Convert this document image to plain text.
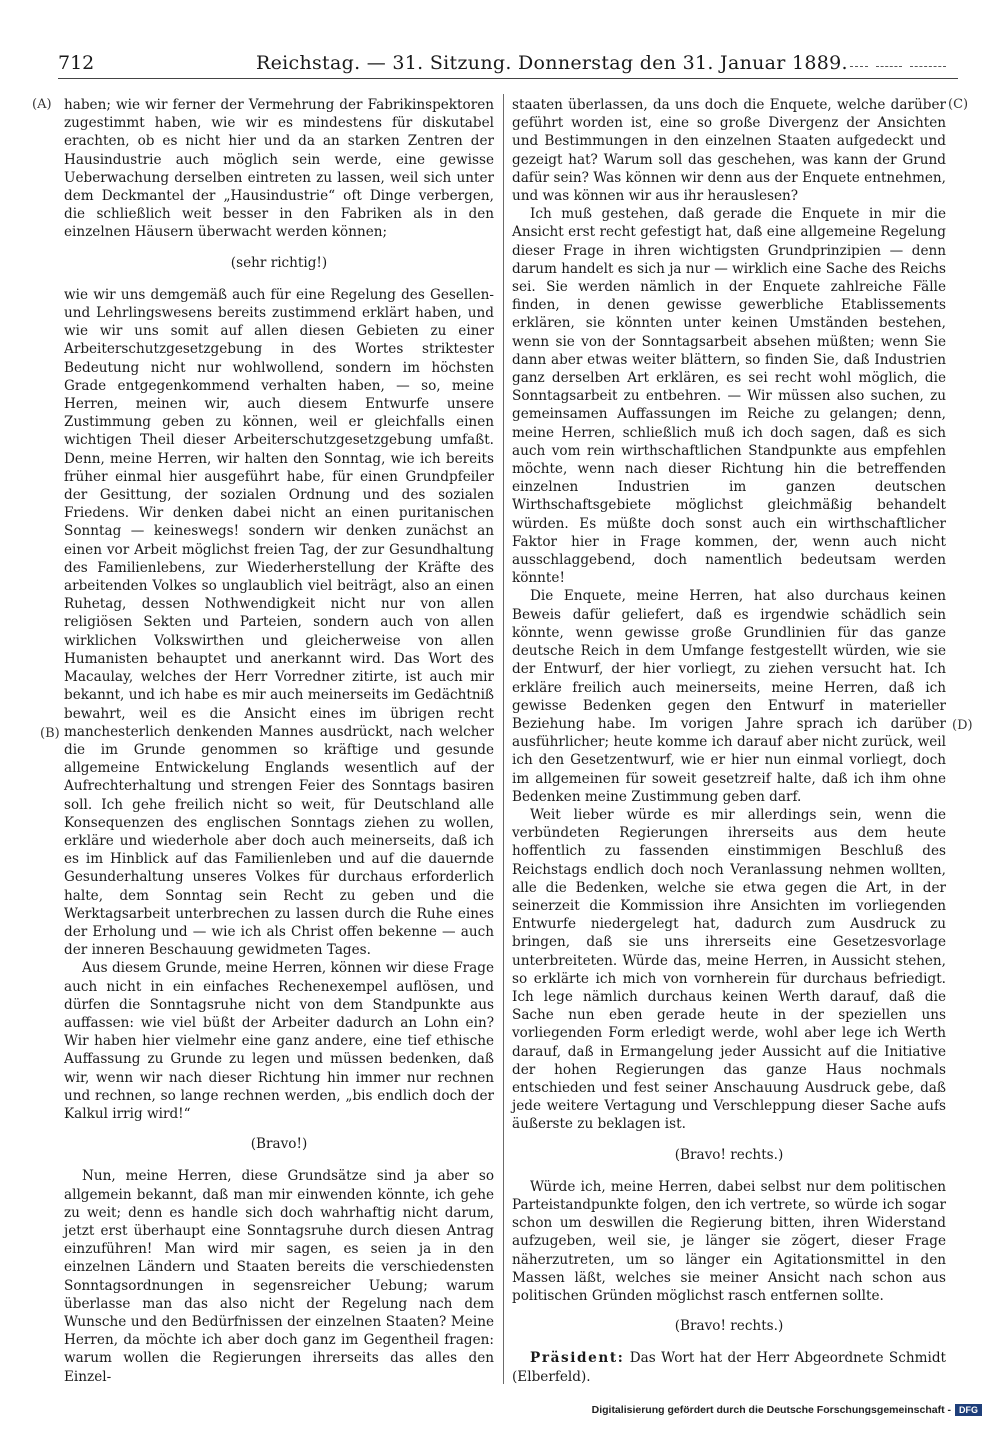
712	Reichstag. — 31. Sitzung. Donnerstag den 31. Januar 1889.
(A)
(B)
(C)
(D)

haben; wie wir ferner der Vermehrung der Fabrikinspektoren zugestimmt haben, wie wir es mindestens für diskutabel erachten, ob es nicht hier und da an starken Zentren der Hausindustrie auch möglich sein werde, eine gewisse Ueberwachung derselben eintreten zu lassen, weil sich unter dem Deckmantel der „Hausindustrie“ oft Dinge verbergen, die schließlich weit besser in den Fabriken als in den einzelnen Häusern überwacht werden können;

(sehr richtig!)

wie wir uns demgemäß auch für eine Regelung des Gesellen- und Lehrlingswesens bereits zustimmend erklärt haben, und wie wir uns somit auf allen diesen Gebieten zu einer Arbeiterschutzgesetzgebung in des Wortes striktester Bedeutung nicht nur wohlwollend, sondern im höchsten Grade entgegenkommend verhalten haben, — so, meine Herren, meinen wir, auch diesem Entwurfe unsere Zustimmung geben zu können, weil er gleichfalls einen wichtigen Theil dieser Arbeiterschutzgesetzgebung umfaßt. Denn, meine Herren, wir halten den Sonntag, wie ich bereits früher einmal hier ausgeführt habe, für einen Grundpfeiler der Gesittung, der sozialen Ordnung und des sozialen Friedens. Wir denken dabei nicht an einen puritanischen Sonntag — keineswegs! sondern wir denken zunächst an einen vor Arbeit möglichst freien Tag, der zur Gesundhaltung des Familienlebens, zur Wiederherstellung der Kräfte des arbeitenden Volkes so unglaublich viel beiträgt, also an einen Ruhetag, dessen Nothwendigkeit nicht nur von allen religiösen Sekten und Parteien, sondern auch von allen wirklichen Volkswirthen und gleicherweise von allen Humanisten behauptet und anerkannt wird. Das Wort des Macaulay, welches der Herr Vorredner zitirte, ist auch mir bekannt, und ich habe es mir auch meinerseits im Gedächtniß bewahrt, weil es die Ansicht eines im übrigen recht manchesterlich denkenden Mannes ausdrückt, nach welcher die im Grunde genommen so kräftige und gesunde allgemeine Entwickelung Englands wesentlich auf der Aufrechterhaltung und strengen Feier des Sonntags basiren soll. Ich gehe freilich nicht so weit, für Deutschland alle Konsequenzen des englischen Sonntags ziehen zu wollen, erkläre und wiederhole aber doch auch meinerseits, daß ich es im Hinblick auf das Familienleben und auf die dauernde Gesunderhaltung unseres Volkes für durchaus erforderlich halte, dem Sonntag sein Recht zu geben und die Werktagsarbeit unterbrechen zu lassen durch die Ruhe eines der Erholung und — wie ich als Christ offen bekenne — auch der inneren Beschauung gewidmeten Tages.

Aus diesem Grunde, meine Herren, können wir diese Frage auch nicht in ein einfaches Rechenexempel auflösen, und dürfen die Sonntagsruhe nicht von dem Standpunkte aus auffassen: wie viel büßt der Arbeiter dadurch an Lohn ein? Wir haben hier vielmehr eine ganz andere, eine tief ethische Auffassung zu Grunde zu legen und müssen bedenken, daß wir, wenn wir nach dieser Richtung hin immer nur rechnen und rechnen, so lange rechnen werden, „bis endlich doch der Kalkul irrig wird!“

(Bravo!)

Nun, meine Herren, diese Grundsätze sind ja aber so allgemein bekannt, daß man mir einwenden könnte, ich gehe zu weit; denn es handle sich doch wahrhaftig nicht darum, jetzt erst überhaupt eine Sonntagsruhe durch diesen Antrag einzuführen! Man wird mir sagen, es seien ja in den einzelnen Ländern und Staaten bereits die verschiedensten Sonntagsordnungen in segensreicher Uebung; warum überlasse man das also nicht der Regelung nach dem Wunsche und den Bedürfnissen der einzelnen Staaten? Meine Herren, da möchte ich aber doch ganz im Gegentheil fragen: warum wollen die Regierungen ihrerseits das alles den Einzel-

staaten überlassen, da uns doch die Enquete, welche darüber geführt worden ist, eine so große Divergenz der Ansichten und Bestimmungen in den einzelnen Staaten aufgedeckt und gezeigt hat? Warum soll das geschehen, was kann der Grund dafür sein? Was können wir denn aus der Enquete entnehmen, und was können wir aus ihr herauslesen?

Ich muß gestehen, daß gerade die Enquete in mir die Ansicht erst recht gefestigt hat, daß eine allgemeine Regelung dieser Frage in ihren wichtigsten Grundprinzipien — denn darum handelt es sich ja nur — wirklich eine Sache des Reichs sei. Sie werden nämlich in der Enquete zahlreiche Fälle finden, in denen gewisse gewerbliche Etablissements erklären, sie könnten unter keinen Umständen bestehen, wenn sie von der Sonntagsarbeit absehen müßten; wenn Sie dann aber etwas weiter blättern, so finden Sie, daß Industrien ganz derselben Art erklären, es sei recht wohl möglich, die Sonntagsarbeit zu entbehren. — Wir müssen also suchen, zu gemeinsamen Auffassungen im Reiche zu gelangen; denn, meine Herren, schließlich muß ich doch sagen, daß es sich auch vom rein wirthschaftlichen Standpunkte aus empfehlen möchte, wenn nach dieser Richtung hin die betreffenden einzelnen Industrien im ganzen deutschen Wirthschaftsgebiete möglichst gleichmäßig behandelt würden. Es müßte doch sonst auch ein wirthschaftlicher Faktor hier in Frage kommen, der, wenn auch nicht ausschlaggebend, doch namentlich bedeutsam werden könnte!

Die Enquete, meine Herren, hat also durchaus keinen Beweis dafür geliefert, daß es irgendwie schädlich sein könnte, wenn gewisse große Grundlinien für das ganze deutsche Reich in dem Umfange festgestellt würden, wie sie der Entwurf, der hier vorliegt, zu ziehen versucht hat. Ich erkläre freilich auch meinerseits, meine Herren, daß ich gewisse Bedenken gegen den Entwurf in materieller Beziehung habe. Im vorigen Jahre sprach ich darüber ausführlicher; heute komme ich darauf aber nicht zurück, weil ich den Gesetzentwurf, wie er hier nun einmal vorliegt, doch im allgemeinen für soweit gesetzreif halte, daß ich ihm ohne Bedenken meine Zustimmung geben darf.

Weit lieber würde es mir allerdings sein, wenn die verbündeten Regierungen ihrerseits aus dem heute hoffentlich zu fassenden einstimmigen Beschluß des Reichstags endlich doch noch Veranlassung nehmen wollten, alle die Bedenken, welche sie etwa gegen die Art, in der seinerzeit die Kommission ihre Ansichten im vorliegenden Entwurfe niedergelegt hat, dadurch zum Ausdruck zu bringen, daß sie uns ihrerseits eine Gesetzesvorlage unterbreiteten. Würde das, meine Herren, in Aussicht stehen, so erklärte ich mich von vornherein für durchaus befriedigt. Ich lege nämlich durchaus keinen Werth darauf, daß die Sache nun eben gerade heute in der speziellen uns vorliegenden Form erledigt werde, wohl aber lege ich Werth darauf, daß in Ermangelung jeder Aussicht auf die Initiative der hohen Regierungen das ganze Haus nochmals entschieden und fest seiner Anschauung Ausdruck gebe, daß jede weitere Vertagung und Verschleppung dieser Sache aufs äußerste zu beklagen ist.

(Bravo! rechts.)

Würde ich, meine Herren, dabei selbst nur dem politischen Parteistandpunkte folgen, den ich vertrete, so würde ich sogar schon um deswillen die Regierung bitten, ihren Widerstand aufzugeben, weil sie, je länger sie zögert, dieser Frage näherzutreten, um so länger ein Agitationsmittel in den Massen läßt, welches sie meiner Ansicht nach schon aus politischen Gründen möglichst rasch entfernen sollte.

(Bravo! rechts.)

Präsident: Das Wort hat der Herr Abgeordnete Schmidt (Elberfeld).

Digitalisierung gefördert durch die Deutsche Forschungsgemeinschaft - DFG
